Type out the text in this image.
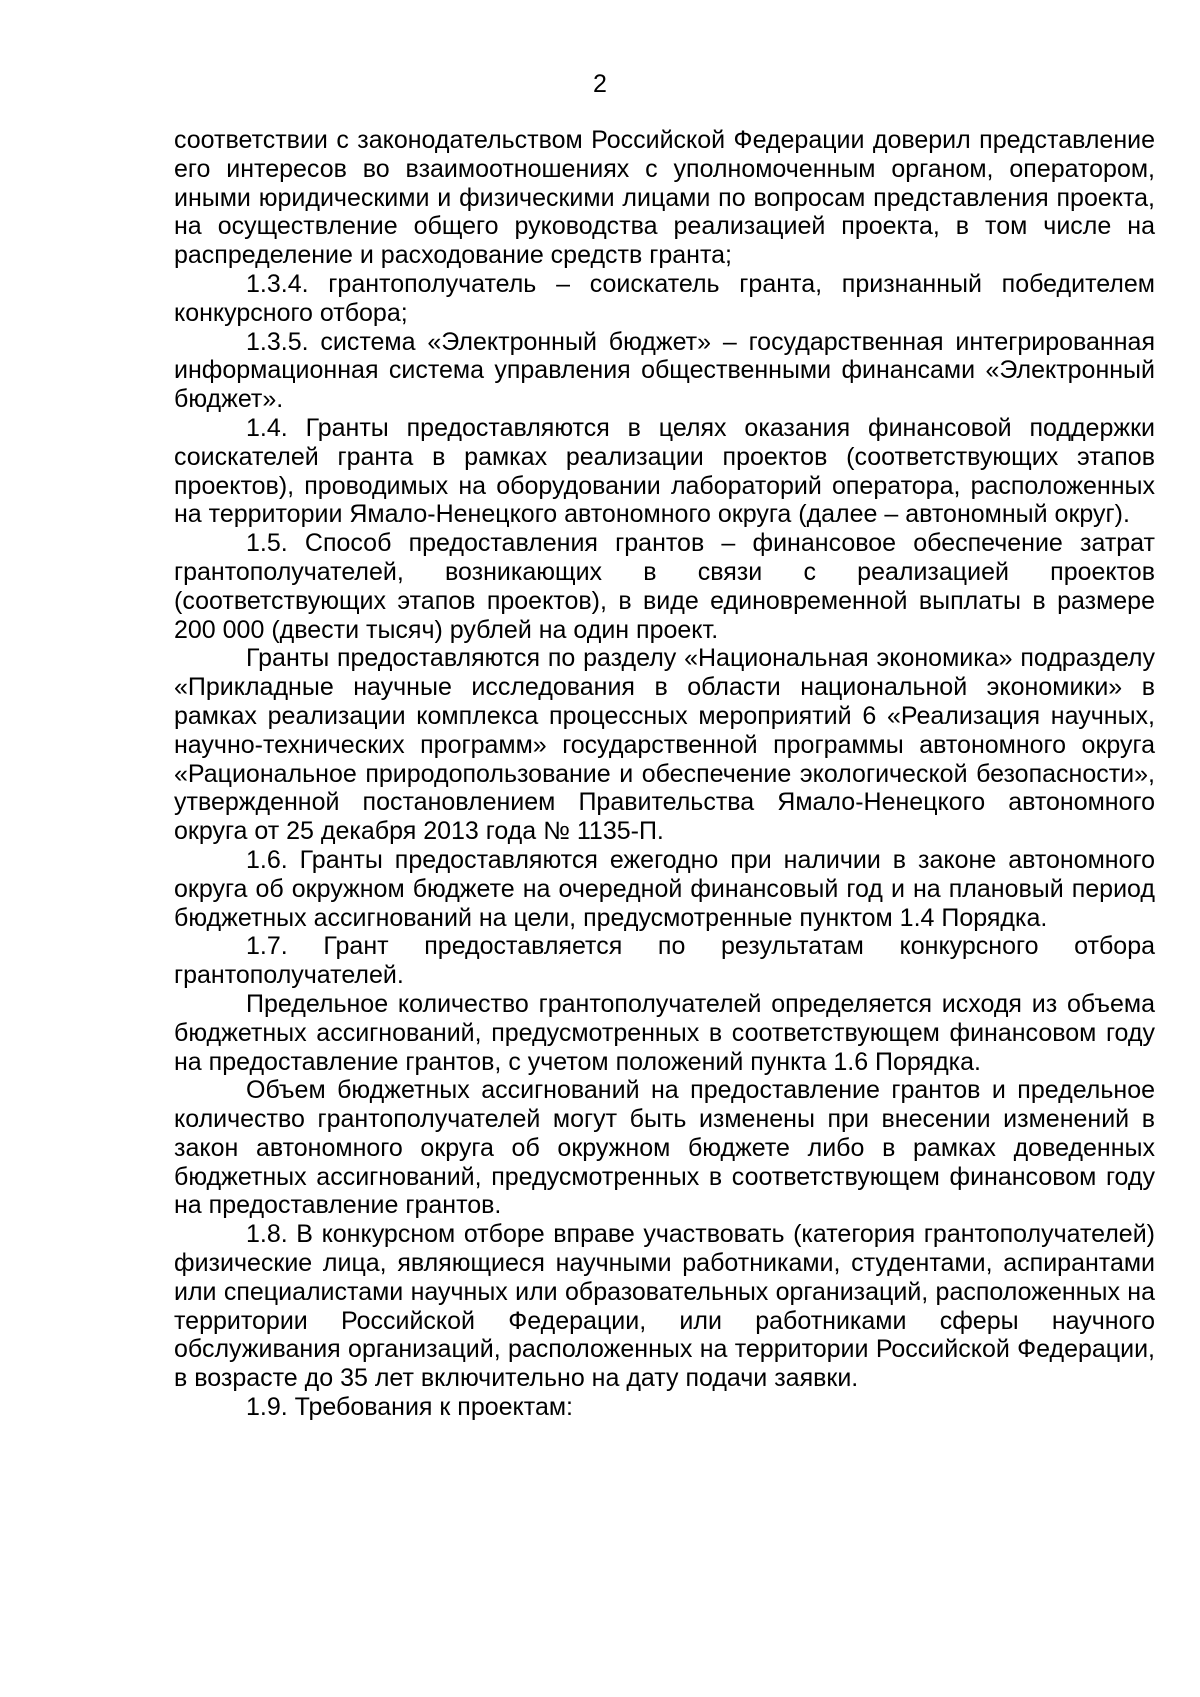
2

соответствии с законодательством Российской Федерации доверил представление его интересов во взаимоотношениях с уполномоченным органом, оператором, иными юридическими и физическими лицами по вопросам представления проекта, на осуществление общего руководства реализацией проекта, в том числе на распределение и расходование средств гранта;

1.3.4. грантополучатель – соискатель гранта, признанный победителем конкурсного отбора;

1.3.5. система «Электронный бюджет» – государственная интегрированная информационная система управления общественными финансами «Электронный бюджет».

1.4. Гранты предоставляются в целях оказания финансовой поддержки соискателей гранта в рамках реализации проектов (соответствующих этапов проектов), проводимых на оборудовании лабораторий оператора, расположенных на территории Ямало-Ненецкого автономного округа (далее – автономный округ).

1.5. Способ предоставления грантов – финансовое обеспечение затрат грантополучателей, возникающих в связи с реализацией проектов (соответствующих этапов проектов), в виде единовременной выплаты в размере 200 000 (двести тысяч) рублей на один проект.

Гранты предоставляются по разделу «Национальная экономика» подразделу «Прикладные научные исследования в области национальной экономики» в рамках реализации комплекса процессных мероприятий 6 «Реализация научных, научно-технических программ» государственной программы автономного округа «Рациональное природопользование и обеспечение экологической безопасности», утвержденной постановлением Правительства Ямало-Ненецкого автономного округа от 25 декабря 2013 года № 1135-П.

1.6. Гранты предоставляются ежегодно при наличии в законе автономного округа об окружном бюджете на очередной финансовый год и на плановый период бюджетных ассигнований на цели, предусмотренные пунктом 1.4 Порядка.

1.7. Грант предоставляется по результатам конкурсного отбора грантополучателей.

Предельное количество грантополучателей определяется исходя из объема бюджетных ассигнований, предусмотренных в соответствующем финансовом году на предоставление грантов, с учетом положений пункта 1.6 Порядка.

Объем бюджетных ассигнований на предоставление грантов и предельное количество грантополучателей могут быть изменены при внесении изменений в закон автономного округа об окружном бюджете либо в рамках доведенных бюджетных ассигнований, предусмотренных в соответствующем финансовом году на предоставление грантов.

1.8. В конкурсном отборе вправе участвовать (категория грантополучателей) физические лица, являющиеся научными работниками, студентами, аспирантами или специалистами научных или образовательных организаций, расположенных на территории Российской Федерации, или работниками сферы научного обслуживания организаций, расположенных на территории Российской Федерации, в возрасте до 35 лет включительно на дату подачи заявки.

1.9. Требования к проектам:
